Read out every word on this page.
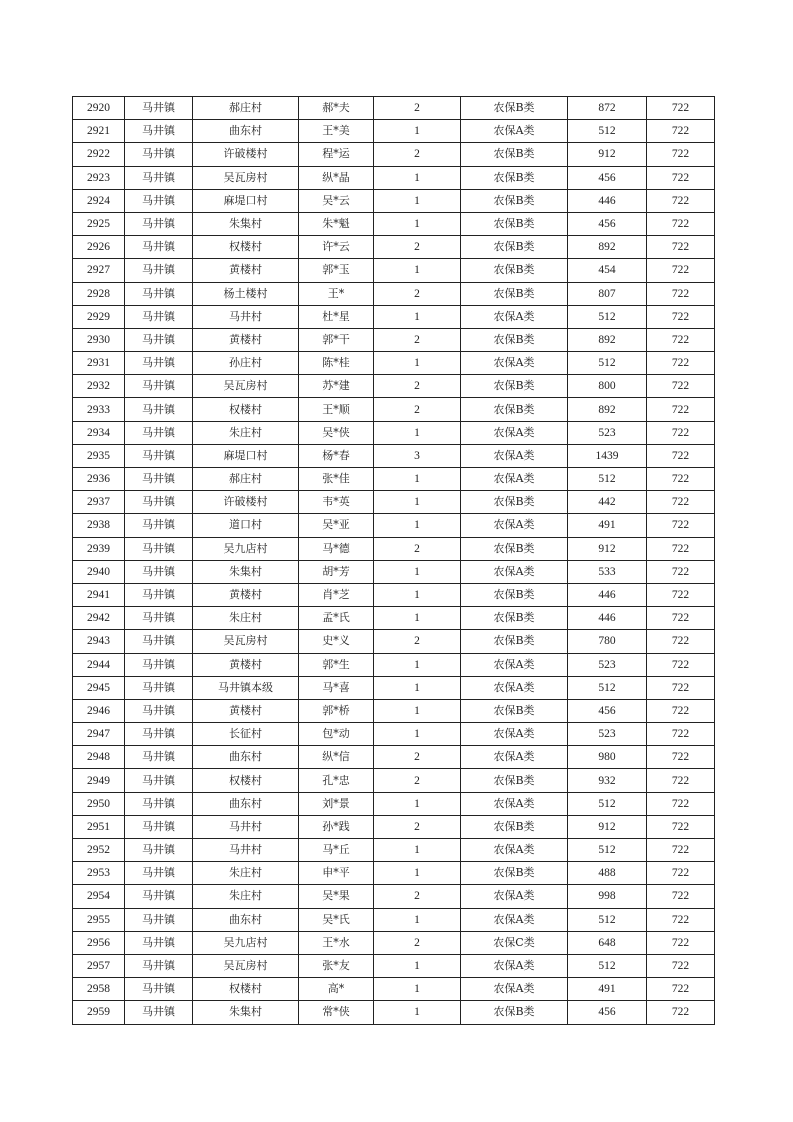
2920	马井镇	郝庄村	郝*夫	2	农保B类	872	722
2921	马井镇	曲东村	王*美	1	农保A类	512	722
2922	马井镇	许破楼村	程*运	2	农保B类	912	722
2923	马井镇	吴瓦房村	纵*晶	1	农保B类	456	722
2924	马井镇	麻堤口村	吴*云	1	农保B类	446	722
2925	马井镇	朱集村	朱*魁	1	农保B类	456	722
2926	马井镇	权楼村	许*云	2	农保B类	892	722
2927	马井镇	黄楼村	郭*玉	1	农保B类	454	722
2928	马井镇	杨土楼村	王*	2	农保B类	807	722
2929	马井镇	马井村	杜*星	1	农保A类	512	722
2930	马井镇	黄楼村	郭*干	2	农保B类	892	722
2931	马井镇	孙庄村	陈*桂	1	农保A类	512	722
2932	马井镇	吴瓦房村	苏*建	2	农保B类	800	722
2933	马井镇	权楼村	王*顺	2	农保B类	892	722
2934	马井镇	朱庄村	吴*侠	1	农保A类	523	722
2935	马井镇	麻堤口村	杨*春	3	农保A类	1439	722
2936	马井镇	郝庄村	张*佳	1	农保A类	512	722
2937	马井镇	许破楼村	韦*英	1	农保B类	442	722
2938	马井镇	道口村	吴*亚	1	农保A类	491	722
2939	马井镇	吴九店村	马*德	2	农保B类	912	722
2940	马井镇	朱集村	胡*芳	1	农保A类	533	722
2941	马井镇	黄楼村	肖*芝	1	农保B类	446	722
2942	马井镇	朱庄村	孟*氏	1	农保B类	446	722
2943	马井镇	吴瓦房村	史*义	2	农保B类	780	722
2944	马井镇	黄楼村	郭*生	1	农保A类	523	722
2945	马井镇	马井镇本级	马*喜	1	农保A类	512	722
2946	马井镇	黄楼村	郭*桥	1	农保B类	456	722
2947	马井镇	长征村	包*动	1	农保A类	523	722
2948	马井镇	曲东村	纵*信	2	农保A类	980	722
2949	马井镇	权楼村	孔*忠	2	农保B类	932	722
2950	马井镇	曲东村	刘*景	1	农保A类	512	722
2951	马井镇	马井村	孙*践	2	农保B类	912	722
2952	马井镇	马井村	马*丘	1	农保A类	512	722
2953	马井镇	朱庄村	申*平	1	农保B类	488	722
2954	马井镇	朱庄村	吴*果	2	农保A类	998	722
2955	马井镇	曲东村	吴*氏	1	农保A类	512	722
2956	马井镇	吴九店村	王*水	2	农保C类	648	722
2957	马井镇	吴瓦房村	张*友	1	农保A类	512	722
2958	马井镇	权楼村	高*	1	农保A类	491	722
2959	马井镇	朱集村	常*侠	1	农保B类	456	722
